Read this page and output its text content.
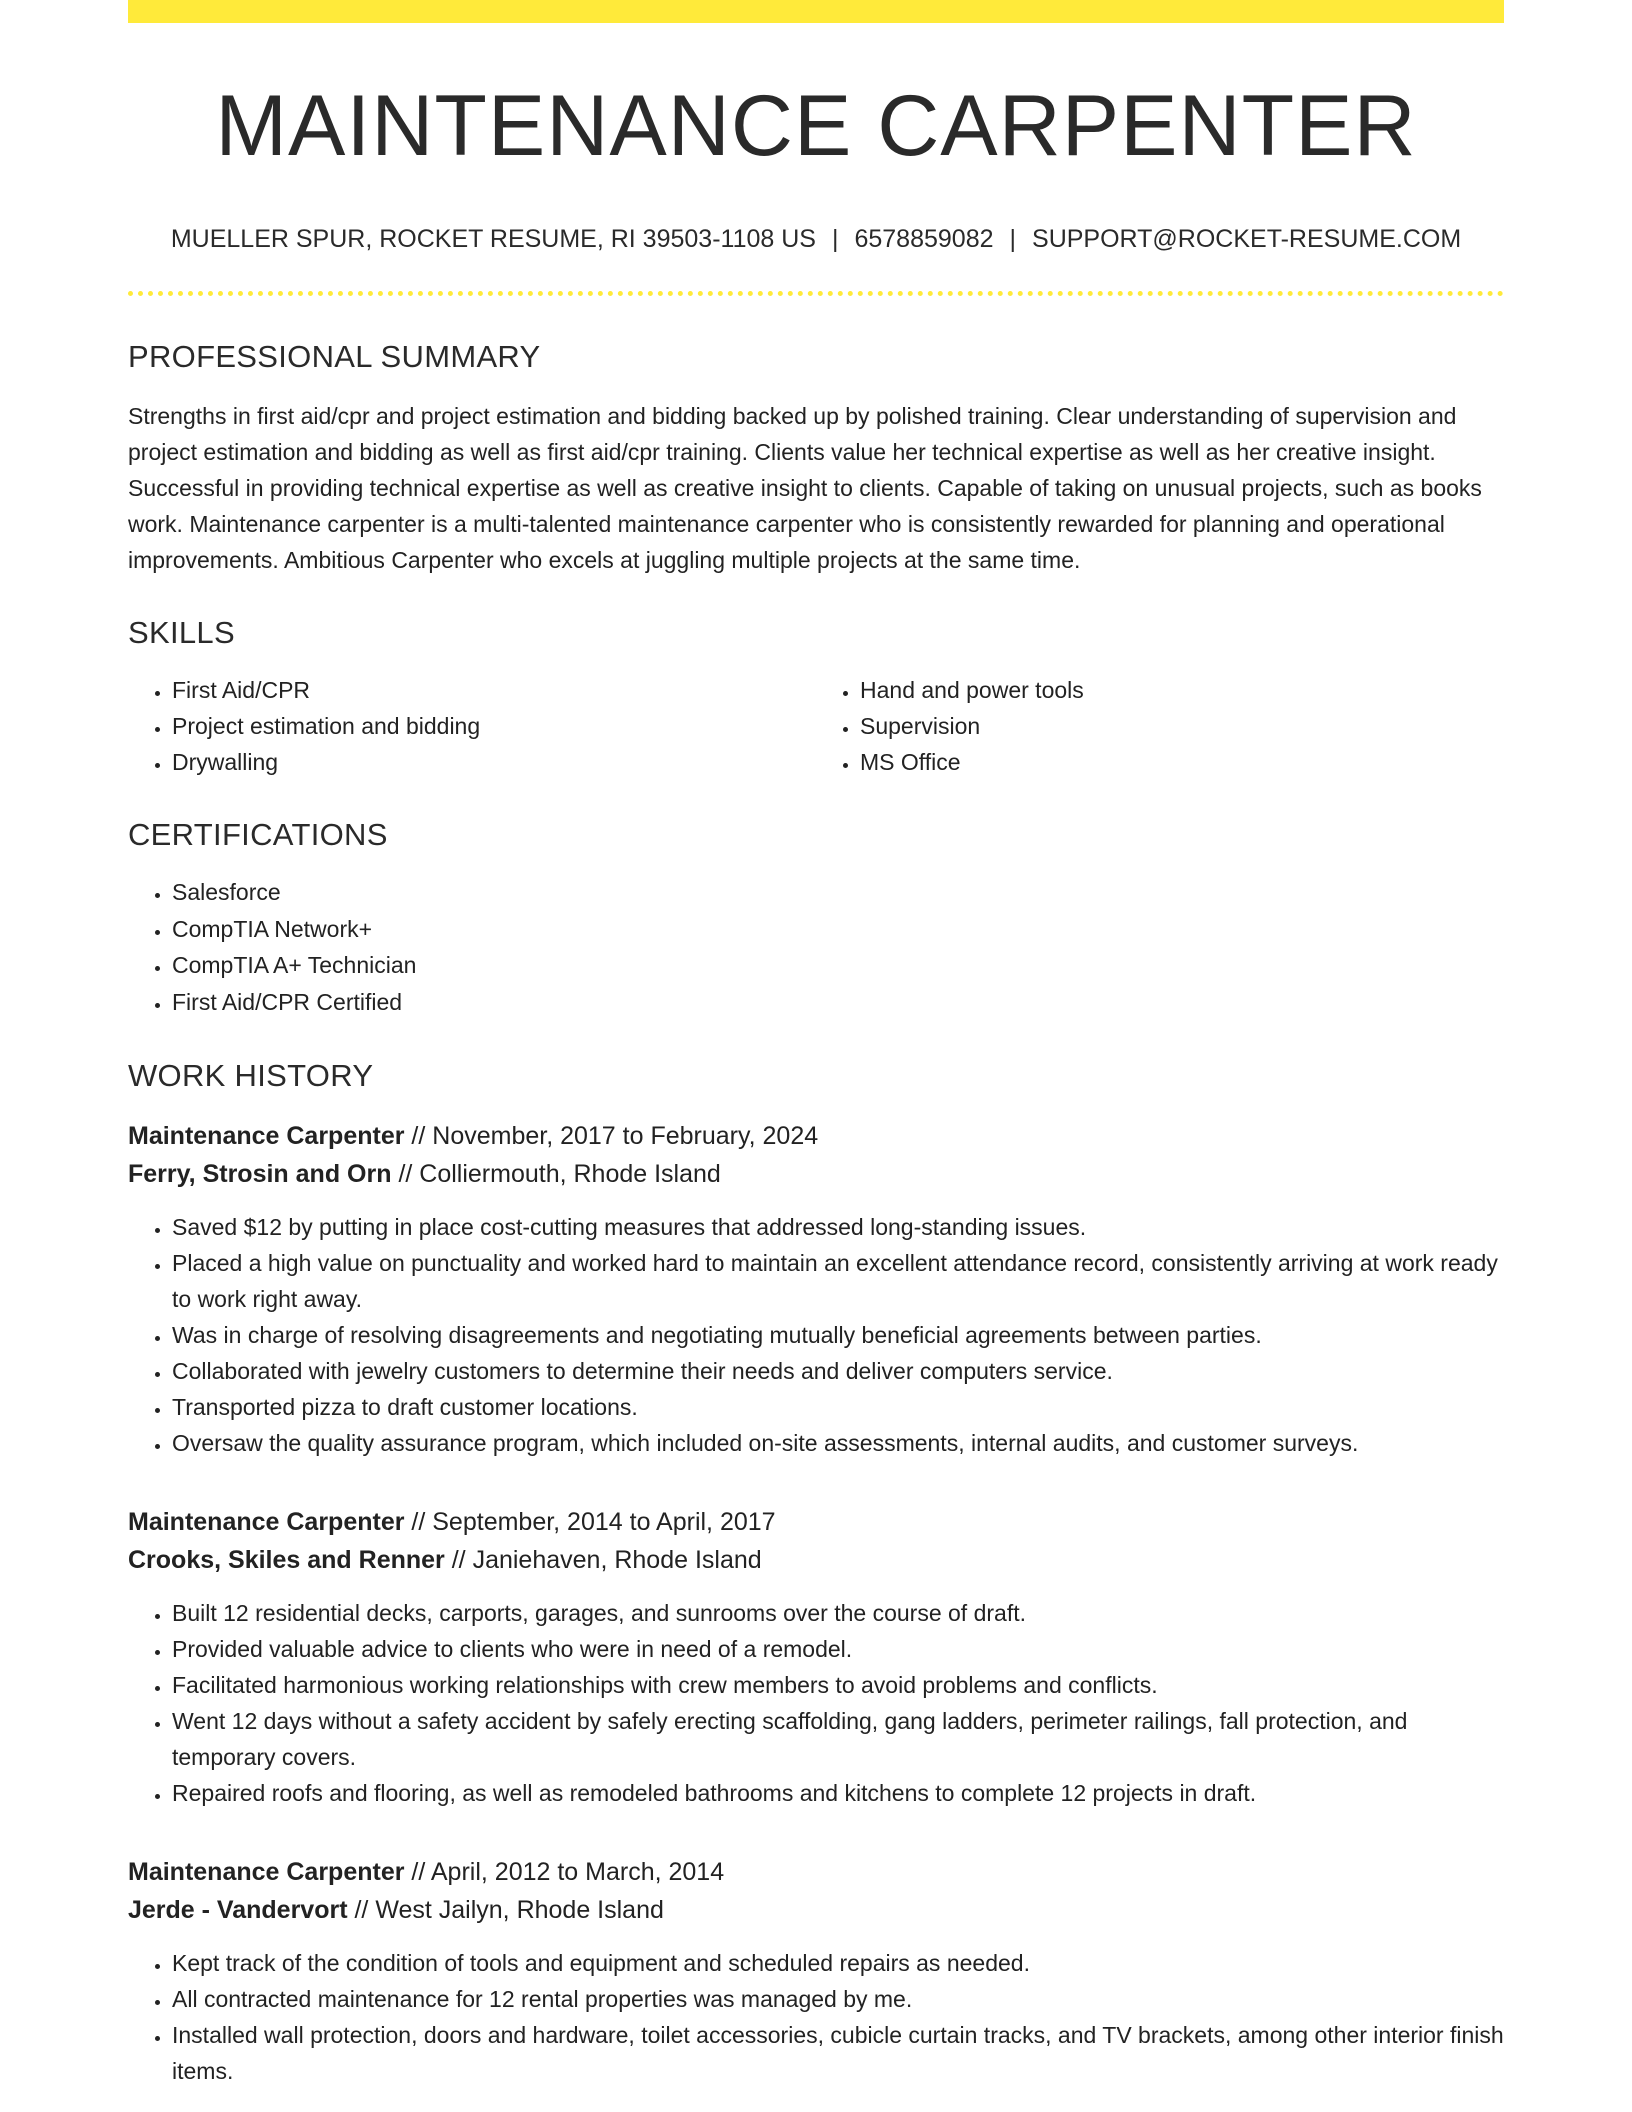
MAINTENANCE CARPENTER
MUELLER SPUR, ROCKET RESUME, RI 39503-1108 US | 6578859082 | SUPPORT@ROCKET-RESUME.COM
PROFESSIONAL SUMMARY

Strengths in first aid/cpr and project estimation and bidding backed up by polished training. Clear understanding of supervision and project estimation and bidding as well as first aid/cpr training. Clients value her technical expertise as well as her creative insight. Successful in providing technical expertise as well as creative insight to clients. Capable of taking on unusual projects, such as books work. Maintenance carpenter is a multi-talented maintenance carpenter who is consistently rewarded for planning and operational improvements. Ambitious Carpenter who excels at juggling multiple projects at the same time.

SKILLS
• First Aid/CPR
• Project estimation and bidding
• Drywalling
• Hand and power tools
• Supervision
• MS Office
CERTIFICATIONS
• Salesforce
• CompTIA Network+
• CompTIA A+ Technician
• First Aid/CPR Certified
WORK HISTORY
Maintenance Carpenter // November, 2017 to February, 2024
Ferry, Strosin and Orn // Colliermouth, Rhode Island
• Saved $12 by putting in place cost-cutting measures that addressed long-standing issues.
• Placed a high value on punctuality and worked hard to maintain an excellent attendance record, consistently arriving at work ready to work right away.
• Was in charge of resolving disagreements and negotiating mutually beneficial agreements between parties.
• Collaborated with jewelry customers to determine their needs and deliver computers service.
• Transported pizza to draft customer locations.
• Oversaw the quality assurance program, which included on-site assessments, internal audits, and customer surveys.
Maintenance Carpenter // September, 2014 to April, 2017
Crooks, Skiles and Renner // Janiehaven, Rhode Island
• Built 12 residential decks, carports, garages, and sunrooms over the course of draft.
• Provided valuable advice to clients who were in need of a remodel.
• Facilitated harmonious working relationships with crew members to avoid problems and conflicts.
• Went 12 days without a safety accident by safely erecting scaffolding, gang ladders, perimeter railings, fall protection, and temporary covers.
• Repaired roofs and flooring, as well as remodeled bathrooms and kitchens to complete 12 projects in draft.
Maintenance Carpenter // April, 2012 to March, 2014
Jerde - Vandervort // West Jailyn, Rhode Island
• Kept track of the condition of tools and equipment and scheduled repairs as needed.
• All contracted maintenance for 12 rental properties was managed by me.
• Installed wall protection, doors and hardware, toilet accessories, cubicle curtain tracks, and TV brackets, among other interior finish items.
